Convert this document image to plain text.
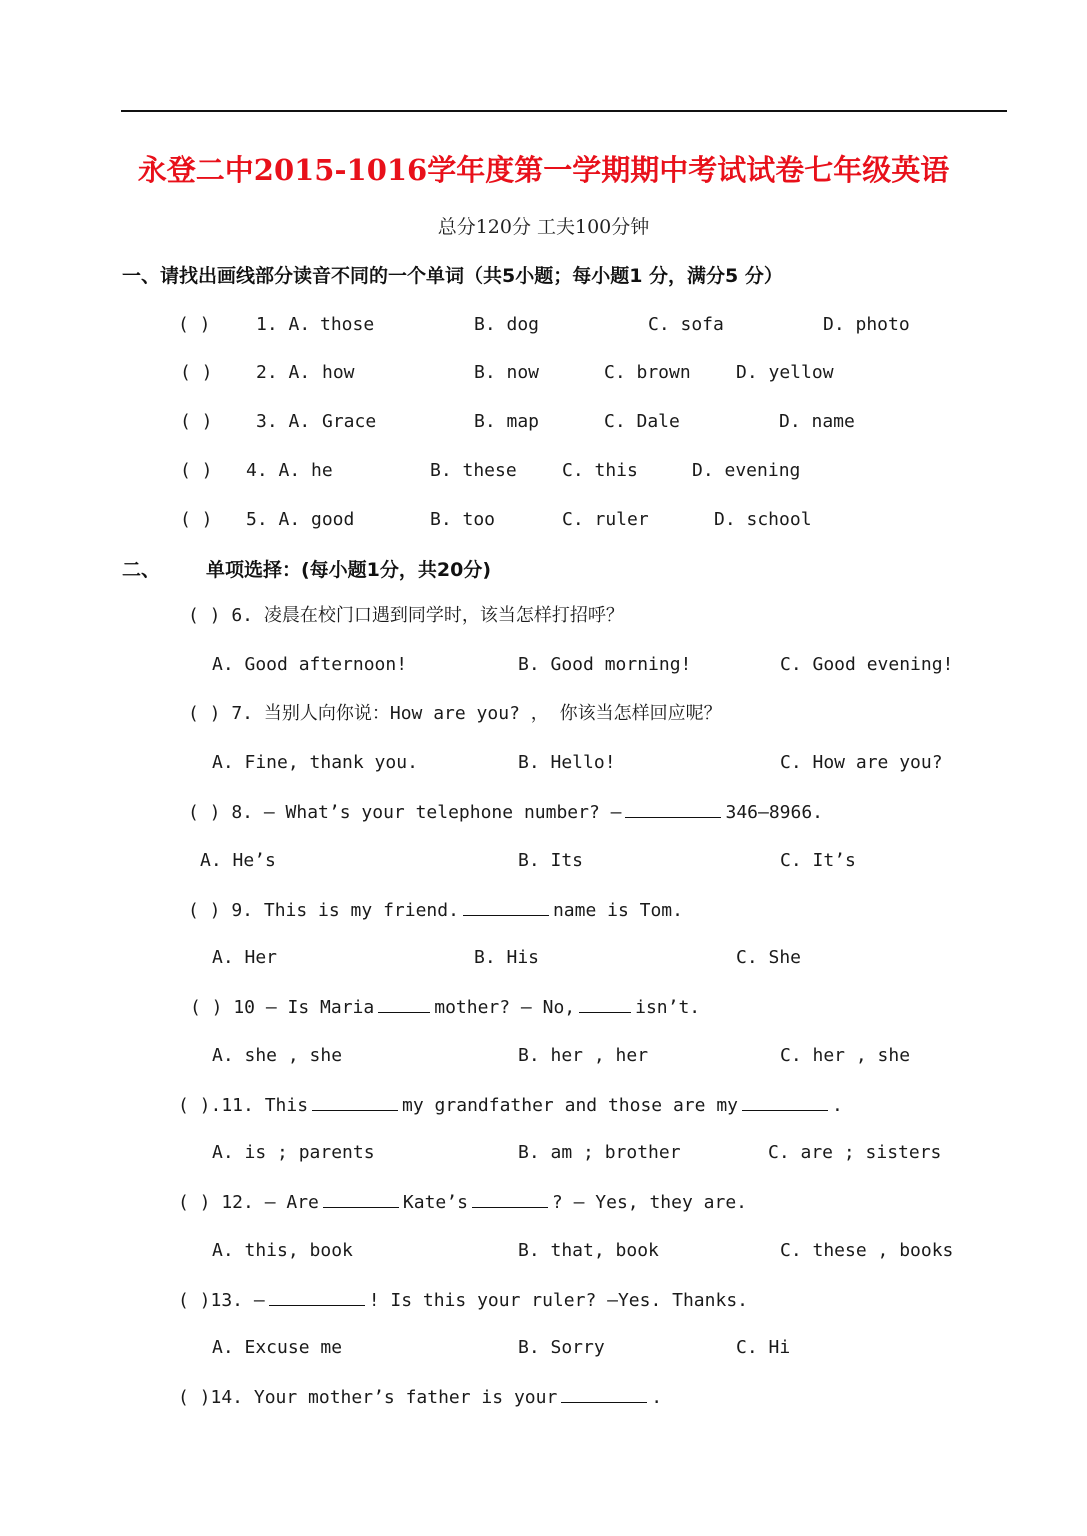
永登二中2015-1016学年度第一学期期中考试试卷七年级英语
总分120分 工夫100分钟
一、请找出画线部分读音不同的一个单词（共5小题；每小题1 分，满分5 分）
( )	1. A. those	B. dog	C. sofa	D. photo
( ) 2. A. how	B. now	C. brown	D. yellow
( ) 3. A. Grace	B. map	C. Dale	D. name
( ) 4. A. he	B. these	C. this	D. evening
( ) 5. A. good	B. too	C. ruler	D. school
二、 单项选择：(每小题1分，共20分)
( ) 6. 凌晨在校门口遇到同学时，该当怎样打招呼？
A. Good afternoon!	B. Good morning!	C. Good evening!
( ) 7. 当别人向你说：How are you? ， 你该当怎样回应呢？
A. Fine, thank you.	B. Hello!	C. How are you?
( ) 8. — What’s your telephone number? —	346—8966.
A. He’s	B. Its	C. It’s
( ) 9. This is my friend.	name is Tom.
A. Her	B. His	C. She
( ) 10 — Is Maria	mother? — No,	isn’t.
A. she , she	B. her , her	C. her , she
( ).11. This	my grandfather and those are my	.
A. is ; parents	B. am ; brother	C. are ; sisters
( ) 12. — Are	Kate’s	? — Yes, they are.
A. this, book	B. that, book	C. these , books
( )13. —	! Is this your ruler? —Yes. Thanks.
A. Excuse me	B. Sorry	C. Hi
( )14. Your mother’s father is your	.
